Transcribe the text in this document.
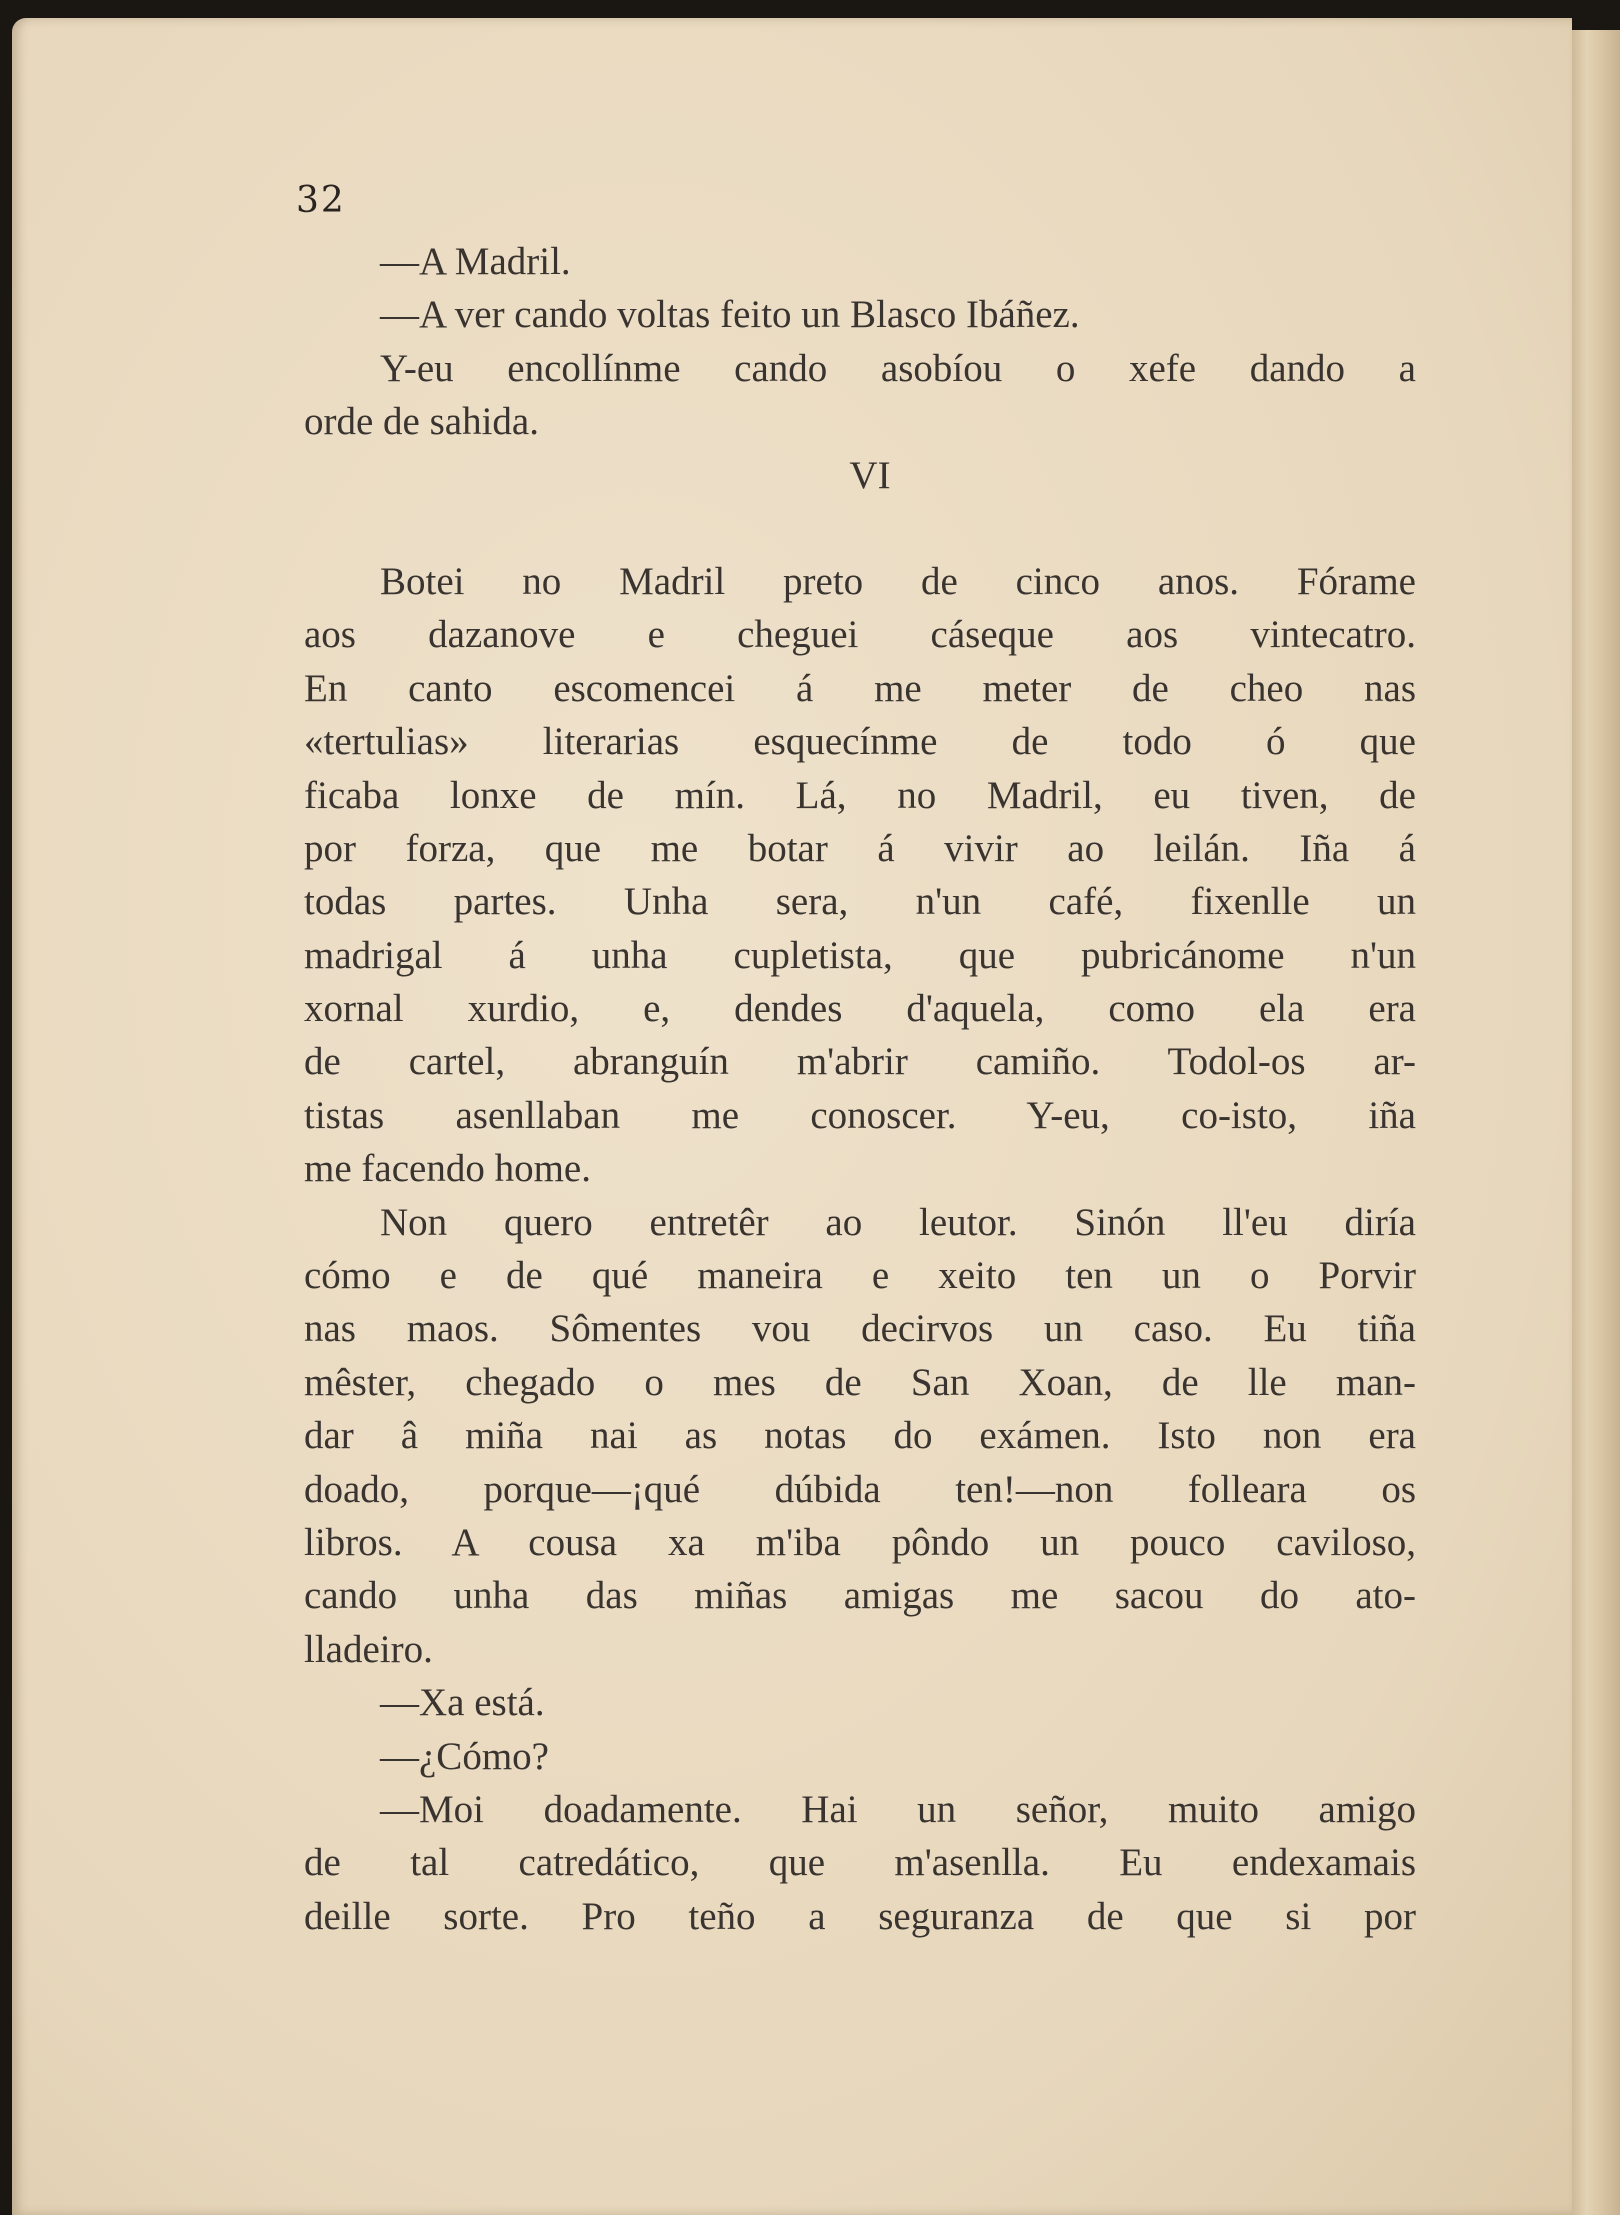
32
—A Madril.
—A ver cando voltas feito un Blasco Ibáñez.
Y-eu encollínme cando asobíou o xefe dando a
orde de sahida.
VI
Botei no Madril preto de cinco anos. Fórame
aos dazanove e cheguei cáseque aos vintecatro.
En canto escomencei á me meter de cheo nas
«tertulias» literarias esquecínme de todo ó que
ficaba lonxe de mín. Lá, no Madril, eu tiven, de
por forza, que me botar á vivir ao leilán. Iña á
todas partes. Unha sera, n'un café, fixenlle un
madrigal á unha cupletista, que pubricánome n'un
xornal xurdio, e, dendes d'aquela, como ela era
de cartel, abranguín m'abrir camiño. Todol-os ar-
tistas asenllaban me conoscer. Y-eu, co-isto, iña
me facendo home.
Non quero entretêr ao leutor. Sinón ll'eu diría
cómo e de qué maneira e xeito ten un o Porvir
nas maos. Sômentes vou decirvos un caso. Eu tiña
mêster, chegado o mes de San Xoan, de lle man-
dar â miña nai as notas do exámen. Isto non era
doado, porque—¡qué dúbida ten!—non folleara os
libros. A cousa xa m'iba pôndo un pouco caviloso,
cando unha das miñas amigas me sacou do ato-
lladeiro.
—Xa está.
—¿Cómo?
—Moi doadamente. Hai un señor, muito amigo
de tal catredático, que m'asenlla. Eu endexamais
deille sorte. Pro teño a seguranza de que si por
